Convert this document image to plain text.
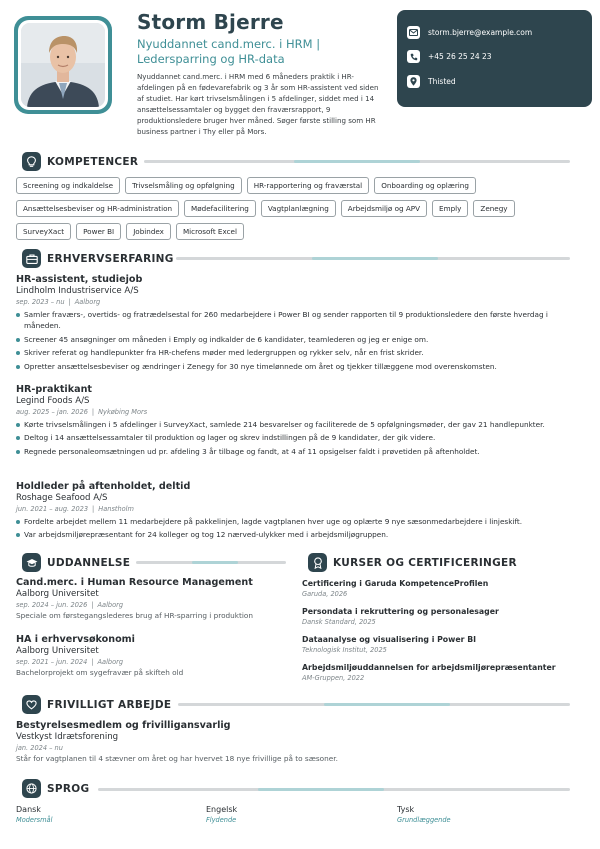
Storm Bjerre
Nyuddannet cand.merc. i HRM | Ledersparring og HR-data
Nyuddannet cand.merc. i HRM med 6 måneders praktik i HR-afdelingen på en fødevarefabrik og 3 år som HR-assistent ved siden af studiet. Har kørt trivselsmålingen i 5 afdelinger, siddet med i 14 ansættelsessamtaler og bygget den fraværsrapport, 9 produktionsledere bruger hver måned. Søger første stilling som HR business partner i Thy eller på Mors.
storm.bjerre@example.com
+45 26 25 24 23
Thisted
KOMPETENCER
Screening og indkaldelse	Trivselsmåling og opfølgning	HR-rapportering og fraværstal	Onboarding og oplæring
Ansættelsesbeviser og HR-administration	Mødefacilitering	Vagtplanlægning	Arbejdsmiljø og APV	Emply	Zenegy
SurveyXact	Power BI	Jobindex	Microsoft Excel
ERHVERVSERFARING
HR-assistent, studiejob
Lindholm Industriservice A/S
sep. 2023 – nu | Aalborg
Samler fraværs-, overtids- og fratrædelsestal for 260 medarbejdere i Power BI og sender rapporten til 9 produktionsledere den første hverdag i måneden.
Screener 45 ansøgninger om måneden i Emply og indkalder de 6 kandidater, teamlederen og jeg er enige om.
Skriver referat og handlepunkter fra HR-chefens møder med ledergruppen og rykker selv, når en frist skrider.
Opretter ansættelsesbeviser og ændringer i Zenegy for 30 nye timelønnede om året og tjekker tillæggene mod overenskomsten.
HR-praktikant
Legind Foods A/S
aug. 2025 – jan. 2026 | Nykøbing Mors
Kørte trivselsmålingen i 5 afdelinger i SurveyXact, samlede 214 besvarelser og faciliterede de 5 opfølgningsmøder, der gav 21 handlepunkter.
Deltog i 14 ansættelsessamtaler til produktion og lager og skrev indstillingen på de 9 kandidater, der gik videre.
Regnede personaleomsætningen ud pr. afdeling 3 år tilbage og fandt, at 4 af 11 opsigelser faldt i prøvetiden på aftenholdet.
Holdleder på aftenholdet, deltid
Roshage Seafood A/S
jun. 2021 – aug. 2023 | Hanstholm
Fordelte arbejdet mellem 11 medarbejdere på pakkelinjen, lagde vagtplanen hver uge og oplærte 9 nye sæsonmedarbejdere i linjeskift.
Var arbejdsmiljørepræsentant for 24 kolleger og tog 12 nærved-ulykker med i arbejdsmiljøgruppen.
UDDANNELSE
Cand.merc. i Human Resource Management
Aalborg Universitet
sep. 2024 – jun. 2026 | Aalborg
Speciale om førstegangslederes brug af HR-sparring i produktion
HA i erhvervsøkonomi
Aalborg Universitet
sep. 2021 – jun. 2024 | Aalborg
Bachelorprojekt om sygefravær på skifteh old
KURSER OG CERTIFICERINGER
Certificering i Garuda KompetenceProfilen
Garuda, 2026
Persondata i rekruttering og personalesager
Dansk Standard, 2025
Dataanalyse og visualisering i Power BI
Teknologisk Institut, 2025
Arbejdsmiljøuddannelsen for arbejdsmiljørepræsentanter
AM-Gruppen, 2022
FRIVILLIGT ARBEJDE
Bestyrelsesmedlem og frivilligansvarlig
Vestkyst Idrætsforening
jan. 2024 – nu
Står for vagtplanen til 4 stævner om året og har hvervet 18 nye frivillige på to sæsoner.
SPROG
Dansk
Modersmål
Engelsk
Flydende
Tysk
Grundlæggende
